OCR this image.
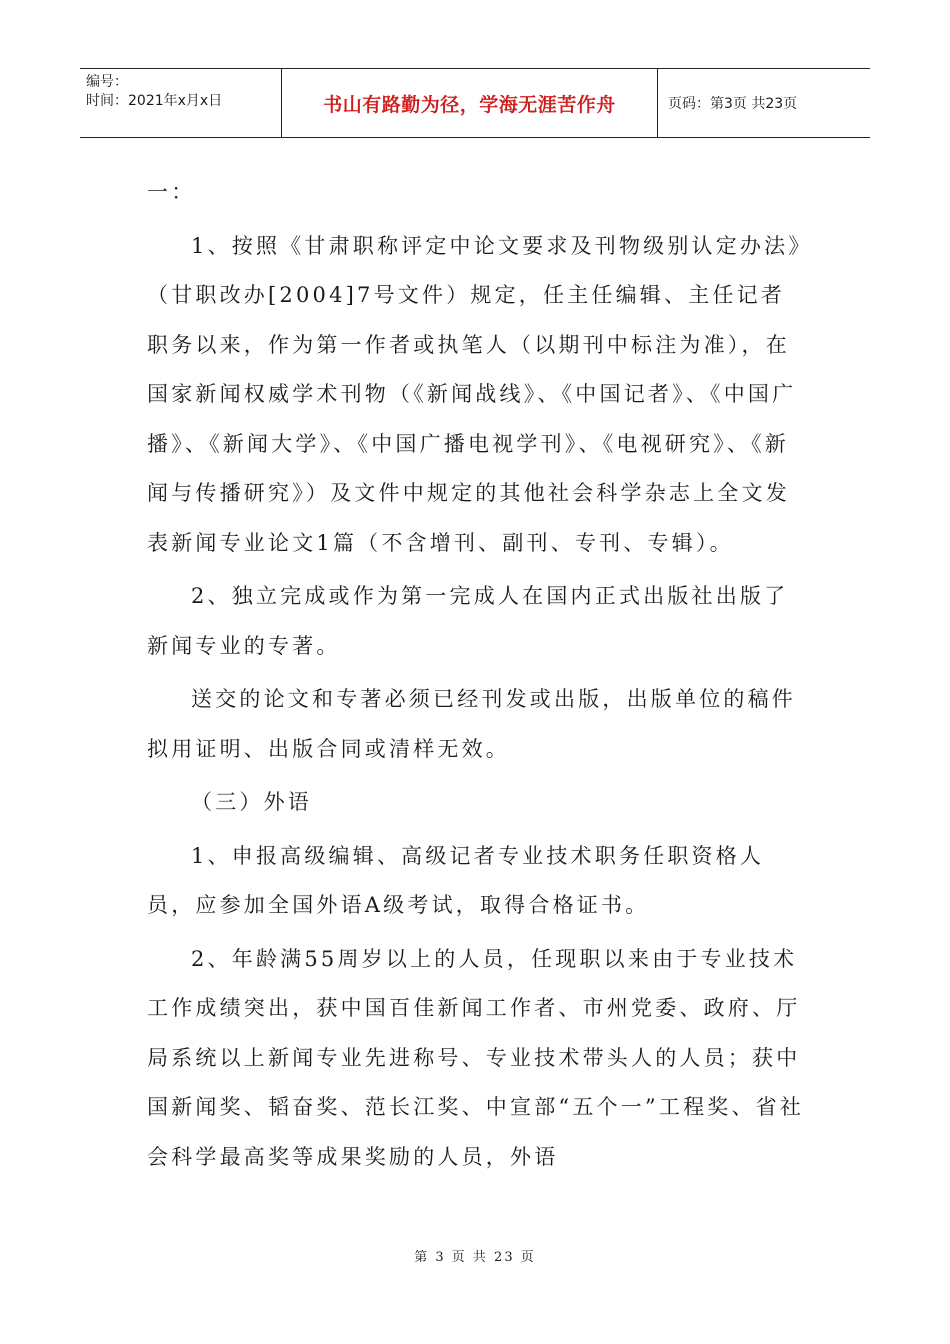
编号：
时间：2021年x月x日	书山有路勤为径，学海无涯苦作舟	页码：第3页 共23页

一：

1、按照《甘肃职称评定中论文要求及刊物级别认定办法》（甘职改办[2004]7号文件）规定，任主任编辑、主任记者职务以来，作为第一作者或执笔人（以期刊中标注为准），在国家新闻权威学术刊物（《新闻战线》、《中国记者》、《中国广播》、《新闻大学》、《中国广播电视学刊》、《电视研究》、《新闻与传播研究》）及文件中规定的其他社会科学杂志上全文发表新闻专业论文1篇（不含增刊、副刊、专刊、专辑）。

2、独立完成或作为第一完成人在国内正式出版社出版了新闻专业的专著。

送交的论文和专著必须已经刊发或出版，出版单位的稿件拟用证明、出版合同或清样无效。

（三）外语

1、申报高级编辑、高级记者专业技术职务任职资格人员，应参加全国外语A级考试，取得合格证书。

2、年龄满55周岁以上的人员，任现职以来由于专业技术工作成绩突出，获中国百佳新闻工作者、市州党委、政府、厅局系统以上新闻专业先进称号、专业技术带头人的人员；获中国新闻奖、韬奋奖、范长江奖、中宣部“五个一”工程奖、省社会科学最高奖等成果奖励的人员，外语

第 3 页 共 23 页
